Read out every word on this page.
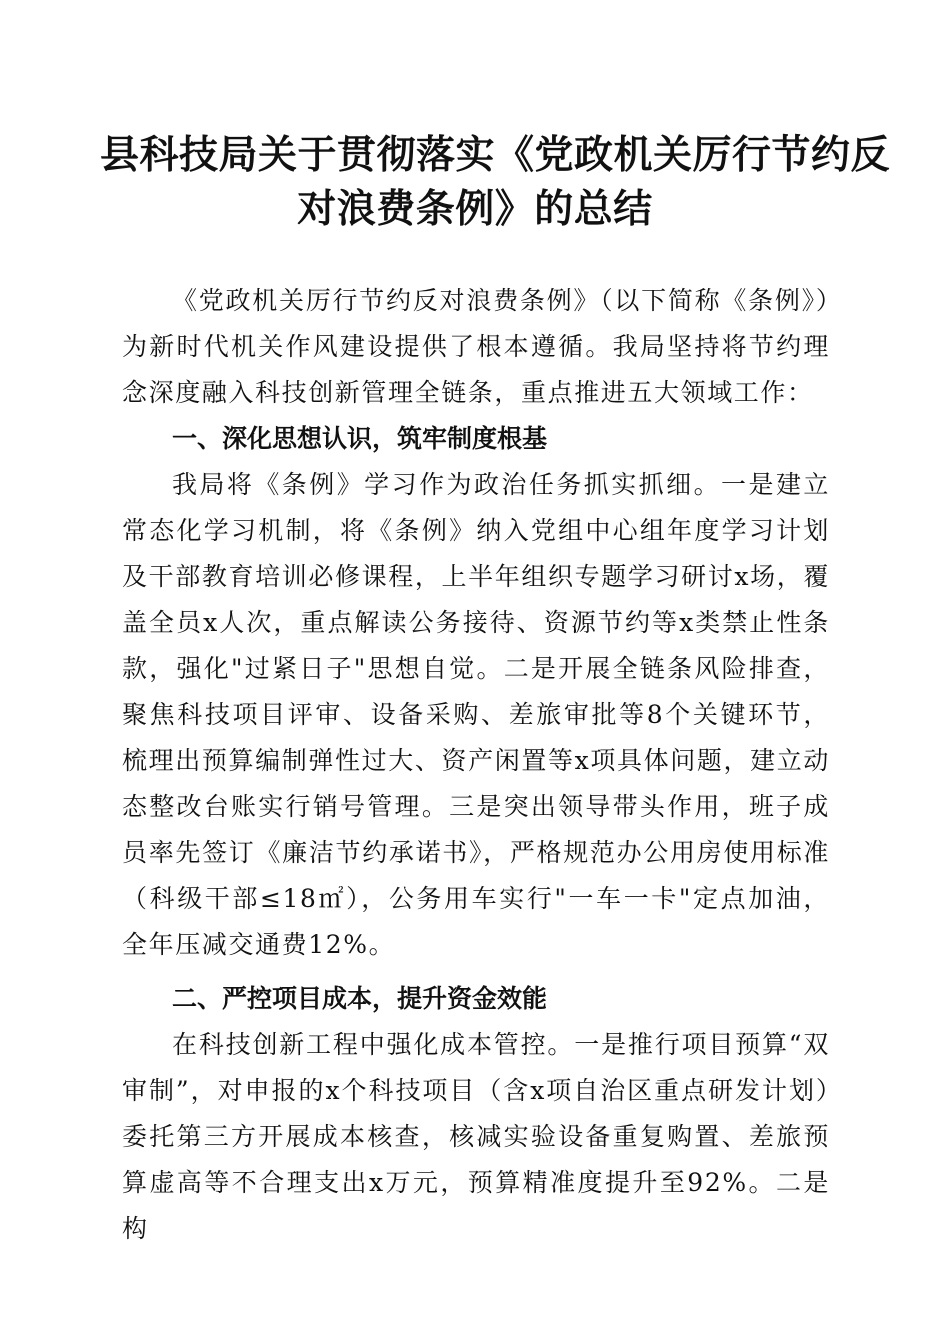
县科技局关于贯彻落实《党政机关厉行节约反
对浪费条例》的总结

《党政机关厉行节约反对浪费条例》（以下简称《条例》）为新时代机关作风建设提供了根本遵循。我局坚持将节约理念深度融入科技创新管理全链条，重点推进五大领域工作：

一、深化思想认识，筑牢制度根基

我局将《条例》学习作为政治任务抓实抓细。一是建立常态化学习机制，将《条例》纳入党组中心组年度学习计划及干部教育培训必修课程，上半年组织专题学习研讨x场，覆盖全员x人次，重点解读公务接待、资源节约等x类禁止性条款，强化"过紧日子"思想自觉。二是开展全链条风险排查，聚焦科技项目评审、设备采购、差旅审批等8个关键环节，梳理出预算编制弹性过大、资产闲置等x项具体问题，建立动态整改台账实行销号管理。三是突出领导带头作用，班子成员率先签订《廉洁节约承诺书》，严格规范办公用房使用标准（科级干部≤18㎡），公务用车实行"一车一卡"定点加油，全年压减交通费12%。

二、严控项目成本，提升资金效能

在科技创新工程中强化成本管控。一是推行项目预算“双审制”，对申报的x个科技项目（含x项自治区重点研发计划）委托第三方开展成本核查，核减实验设备重复购置、差旅预算虚高等不合理支出x万元，预算精准度提升至92%。二是构
